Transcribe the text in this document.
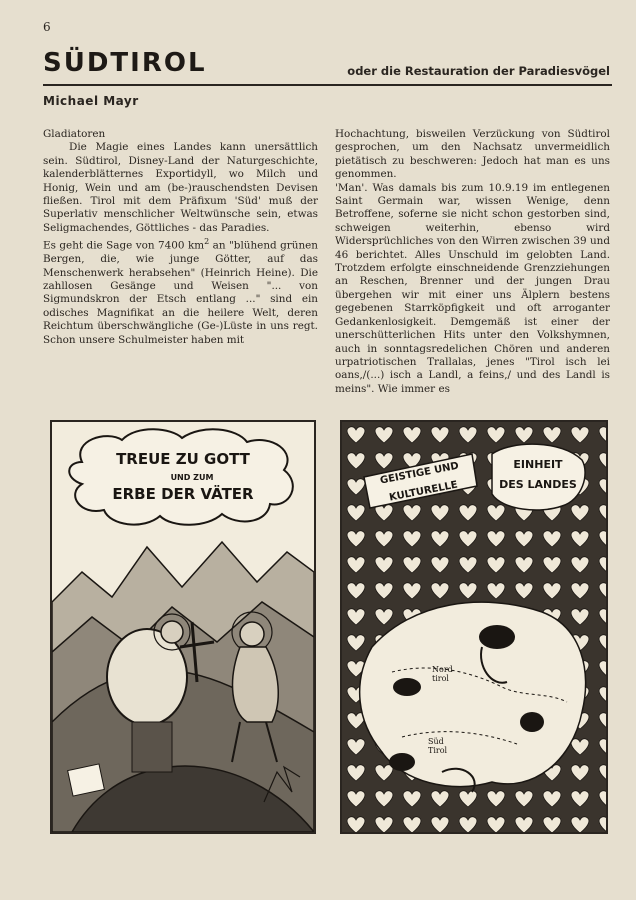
6
SÜDTIROL	oder die Restauration der Paradiesvögel
Michael Mayr

Gladiatoren

Die Magie eines Landes kann unersättlich sein. Südtirol, Disney-Land der Naturgeschichte, kalenderblätternes Exportidyll, wo Milch und Honig, Wein und am (be-)rauschendsten Devisen fließen. Tirol mit dem Präfixum 'Süd' muß der Superlativ menschlicher Weltwünsche sein, etwas Seligmachendes, Göttliches - das Paradies.

Es geht die Sage von 7400 $km^2$ an "blühend grünen Bergen, die, wie junge Götter, auf das Menschenwerk herabsehen" (Heinrich Heine). Die zahllosen Gesänge und Weisen "... von Sigmundskron der Etsch entlang ..." sind ein odisches Magnifikat an die heilere Welt, deren Reichtum überschwängliche (Ge-)Lüste in uns regt. Schon unsere Schulmeister haben mit

Hochachtung, bisweilen Verzückung von Südtirol gesprochen, um den Nachsatz unvermeidlich pietätisch zu beschweren: Jedoch hat man es uns genommen.

'Man'. Was damals bis zum 10.9.19 im entlegenen Saint Germain war, wissen Wenige, denn Betroffene, soferne sie nicht schon gestorben sind, schweigen weiterhin, ebenso wird Widersprüchliches von den Wirren zwischen 39 und 46 berichtet. Alles Unschuld im gelobten Land. Trotzdem erfolgte einschneidende Grenzziehungen an Reschen, Brenner und der jungen Drau übergehen wir mit einer uns Älplern bestens gegebenen Starrköpfigkeit und oft arroganter Gedankenlosigkeit. Demgemäß ist einer der unerschütterlichen Hits unter den Volkshymnen, auch in sonntagsredelichen Chören und anderen urpatriotischen Trallalas, jenes "Tirol isch lei oans,/(...) isch a Landl, a feins,/ und des Landl is meins". Wie immer es

TREUE ZU GOTT
UND ZUM
ERBE DER VÄTER
GEISTIGE UND
KULTURELLE
EINHEIT
DES LANDES
Nord
tirol
Süd
Tirol
